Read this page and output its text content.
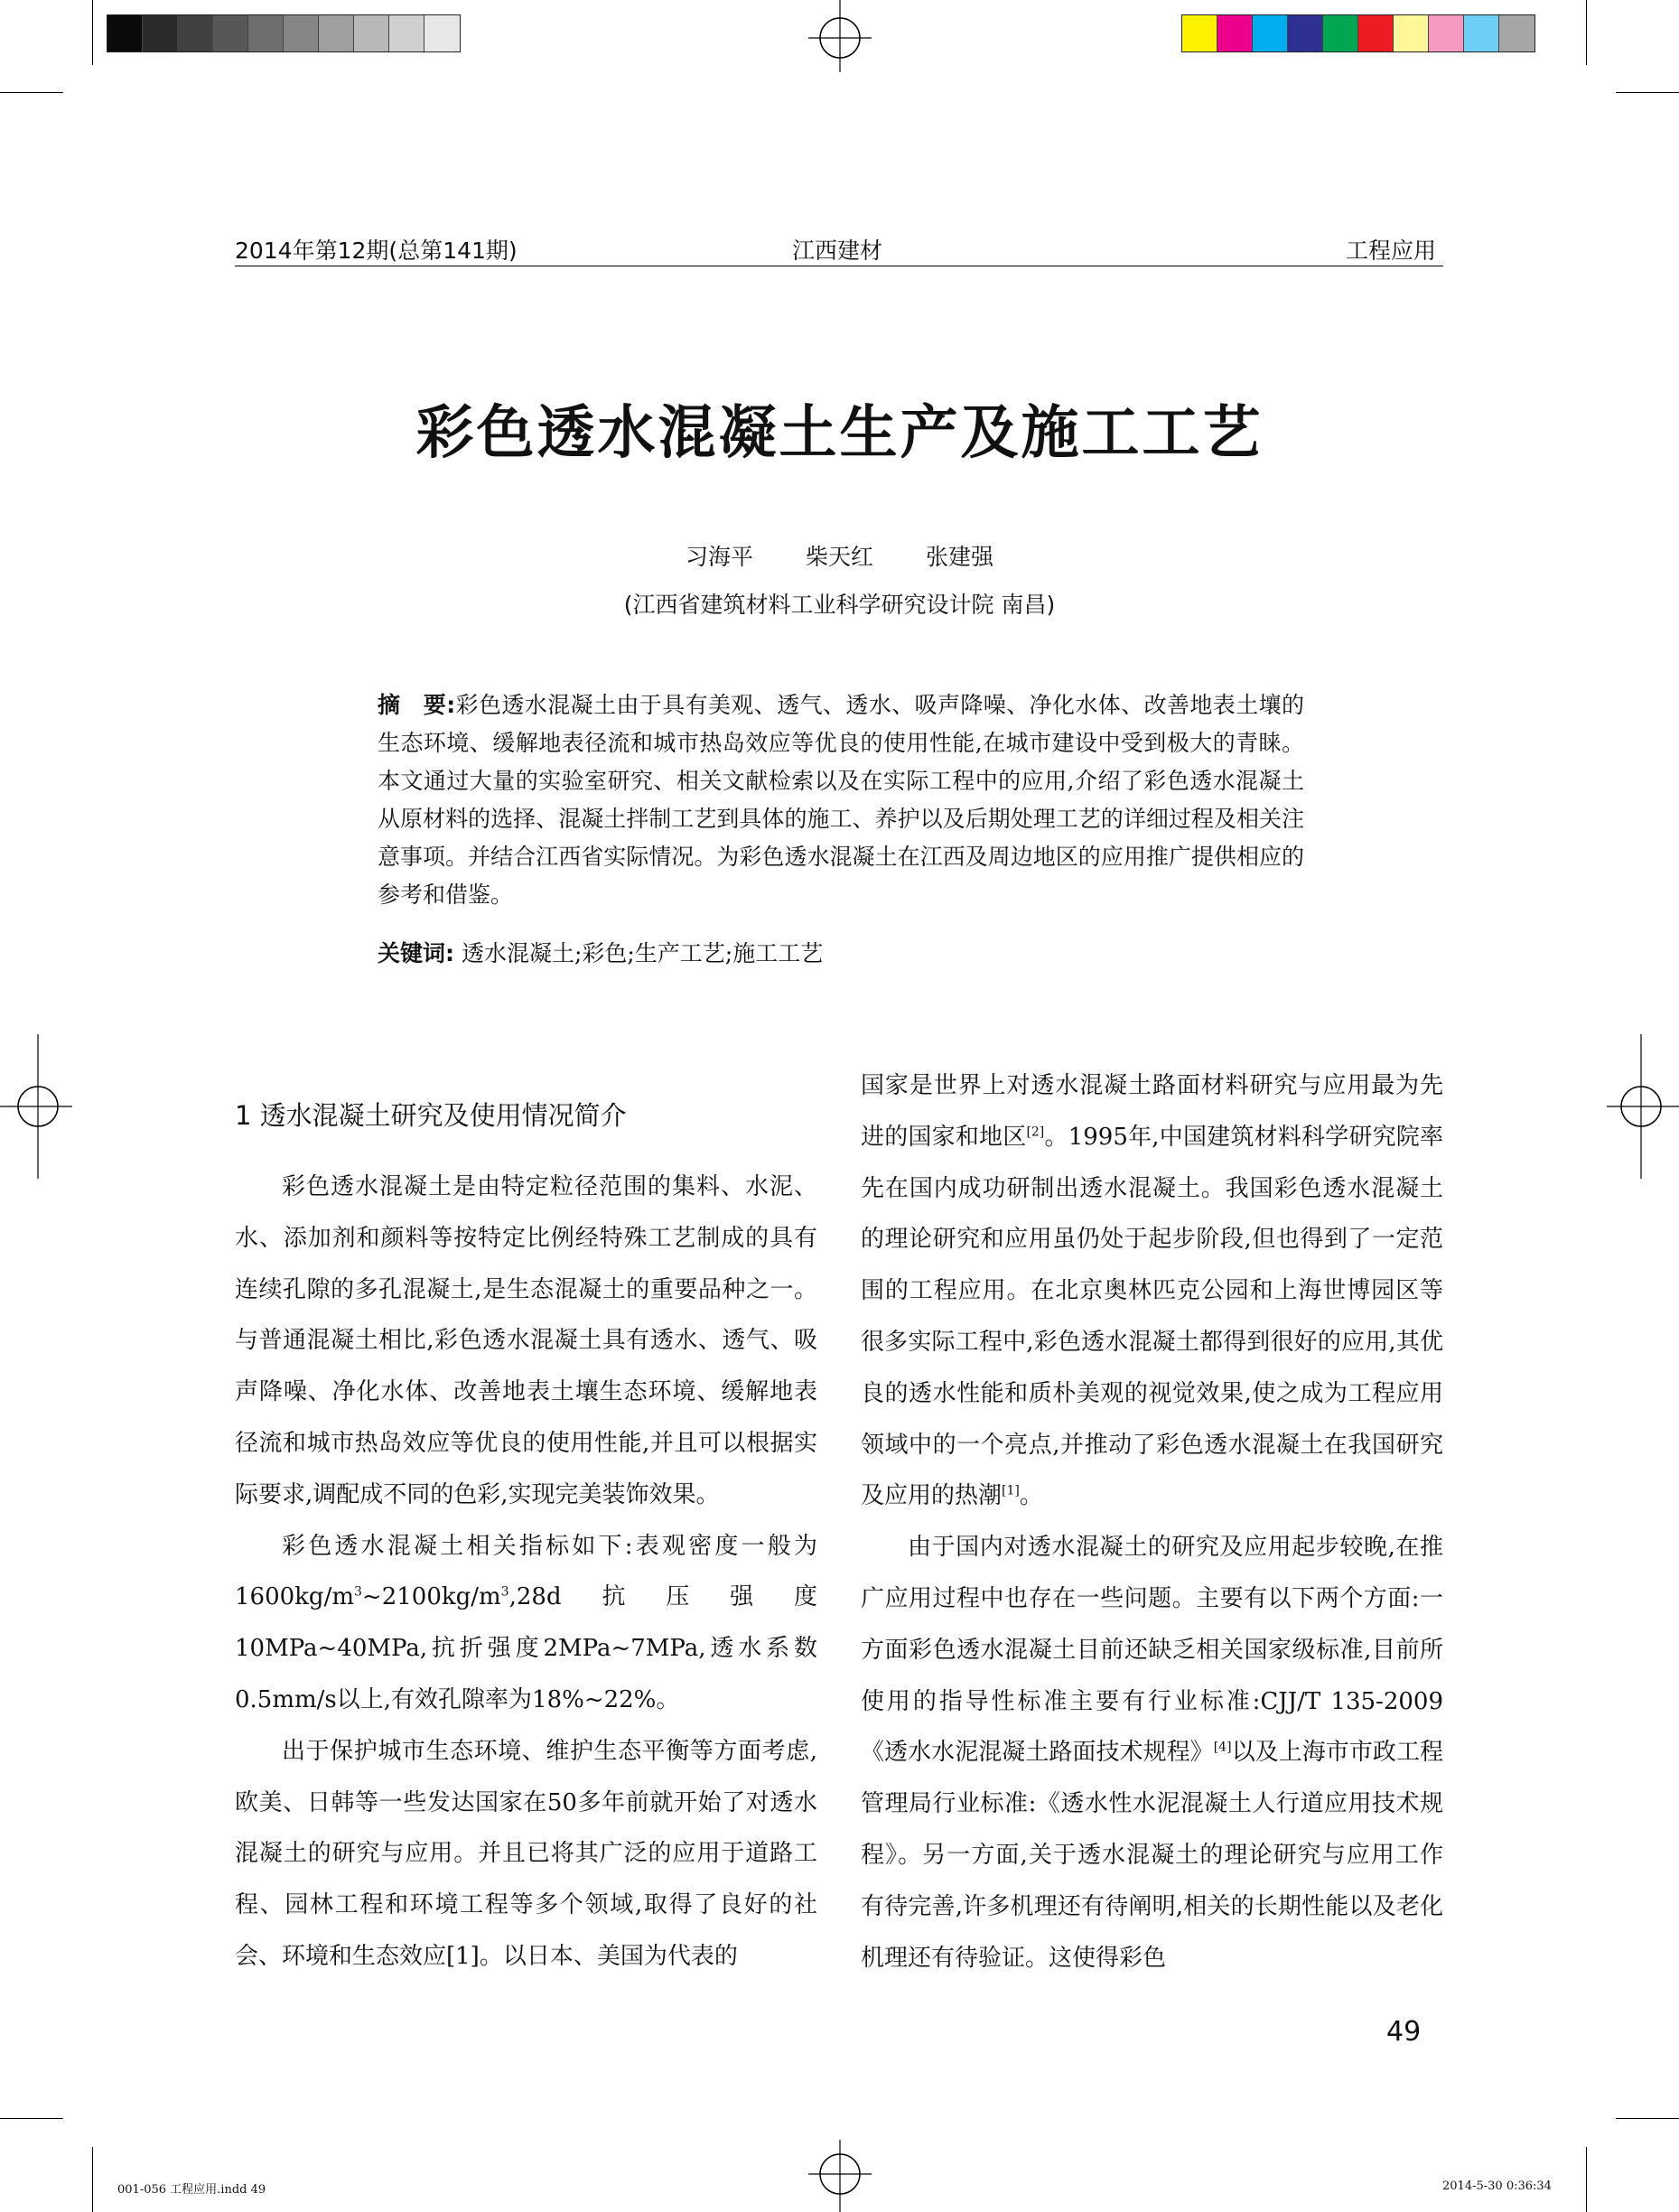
2014年第12期(总第141期)	江西建材	工程应用
彩色透水混凝土生产及施工工艺
习海平 柴天红 张建强
(江西省建筑材料工业科学研究设计院 南昌)
摘　要:彩色透水混凝土由于具有美观、透气、透水、吸声降噪、净化水体、改善地表土壤的生态环境、缓解地表径流和城市热岛效应等优良的使用性能,在城市建设中受到极大的青睐。本文通过大量的实验室研究、相关文献检索以及在实际工程中的应用,介绍了彩色透水混凝土从原材料的选择、混凝土拌制工艺到具体的施工、养护以及后期处理工艺的详细过程及相关注意事项。并结合江西省实际情况。为彩色透水混凝土在江西及周边地区的应用推广提供相应的参考和借鉴。
关键词: 透水混凝土;彩色;生产工艺;施工工艺
1 透水混凝土研究及使用情况简介

彩色透水混凝土是由特定粒径范围的集料、水泥、水、添加剂和颜料等按特定比例经特殊工艺制成的具有连续孔隙的多孔混凝土,是生态混凝土的重要品种之一。与普通混凝土相比,彩色透水混凝土具有透水、透气、吸声降噪、净化水体、改善地表土壤生态环境、缓解地表径流和城市热岛效应等优良的使用性能,并且可以根据实际要求,调配成不同的色彩,实现完美装饰效果。

彩色透水混凝土相关指标如下:表观密度一般为$1600kg/m^3\sim 2100kg/m^3,28d$抗压强度10MPa~40MPa,抗折强度2MPa~7MPa,透水系数0.5mm/s以上,有效孔隙率为18%~22%。

出于保护城市生态环境、维护生态平衡等方面考虑,欧美、日韩等一些发达国家在50多年前就开始了对透水混凝土的研究与应用。并且已将其广泛的应用于道路工程、园林工程和环境工程等多个领域,取得了良好的社会、环境和生态效应[1]。以日本、美国为代表的

国家是世界上对透水混凝土路面材料研究与应用最为先进的国家和地区[2]。1995年,中国建筑材料科学研究院率先在国内成功研制出透水混凝土。我国彩色透水混凝土的理论研究和应用虽仍处于起步阶段,但也得到了一定范围的工程应用。在北京奥林匹克公园和上海世博园区等很多实际工程中,彩色透水混凝土都得到很好的应用,其优良的透水性能和质朴美观的视觉效果,使之成为工程应用领域中的一个亮点,并推动了彩色透水混凝土在我国研究及应用的热潮[1]。

由于国内对透水混凝土的研究及应用起步较晚,在推广应用过程中也存在一些问题。主要有以下两个方面:一方面彩色透水混凝土目前还缺乏相关国家级标准,目前所使用的指导性标准主要有行业标准:CJJ/T 135-2009《透水水泥混凝土路面技术规程》[4]以及上海市市政工程管理局行业标准:《透水性水泥混凝土人行道应用技术规程》。另一方面,关于透水混凝土的理论研究与应用工作有待完善,许多机理还有待阐明,相关的长期性能以及老化机理还有待验证。这使得彩色

49
001-056 工程应用.indd 49	2014-5-30 0:36:34
